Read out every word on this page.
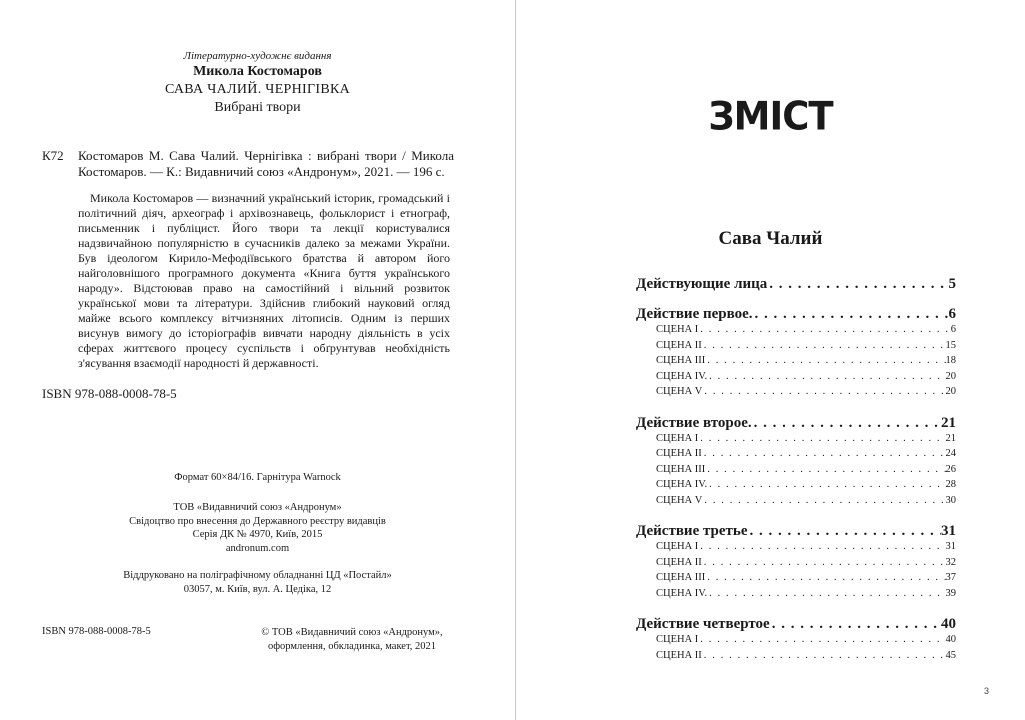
Літературно-художнє видання
Микола Костомаров
САВА ЧАЛИЙ. ЧЕРНІГІВКА
Вибрані твори
К72 Костомаров М. Сава Чалий. Чернігівка : вибрані твори / Микола Костомаров. — К.: Видавничий союз «Андронум», 2021. — 196 с.
Микола Костомаров — визначний український історик, громадський і політичний діяч, археограф і архівознавець, фольклорист і етнограф, письменник і публіцист. Його твори та лекції користувалися надзвичайною популярністю в сучасників далеко за межами України. Був ідеологом Кирило-Мефодіївського братства й автором його найголовнішого програмного документа «Книга буття українського народу». Відстоював право на самостійний і вільний розвиток української мови та літератури. Здійснив глибокий науковий огляд майже всього комплексу вітчизняних літописів. Одним із перших висунув вимогу до історіографів вивчати народну діяльність в усіх сферах життєвого процесу суспільств і обґрунтував необхідність з'ясування взаємодії народності й державності.
ISBN 978-088-0008-78-5
Формат 60×84/16. Гарнітура Warnock
ТОВ «Видавничий союз «Андронум»
Свідоцтво про внесення до Державного реєстру видавців
Серія ДК № 4970, Київ, 2015
andronum.com
Віддруковано на поліграфічному обладнанні ЦД «Постайл»
03057, м. Київ, вул. А. Цедіка, 12
ISBN 978-088-0008-78-5	© ТОВ «Видавничий союз «Андронум»,
оформлення, обкладинка, макет, 2021
ЗМІСТ
Сава Чалий
Действующие лица . . .	5
Действие первое. . . .	6
СЦЕНА I . . .	6
СЦЕНА II . . .	15
СЦЕНА III . . .	18
СЦЕНА IV. . . .	20
СЦЕНА V . . .	20
Действие второе. . . .	21
СЦЕНА I . . .	21
СЦЕНА II . . .	24
СЦЕНА III . . .	26
СЦЕНА IV. . . .	28
СЦЕНА V . . .	30
Действие третье . . .	31
СЦЕНА I . . .	31
СЦЕНА II . . .	32
СЦЕНА III . . .	37
СЦЕНА IV. . . .	39
Действие четвертое . . .	40
СЦЕНА I . . .	40
СЦЕНА II . . .	45
3
